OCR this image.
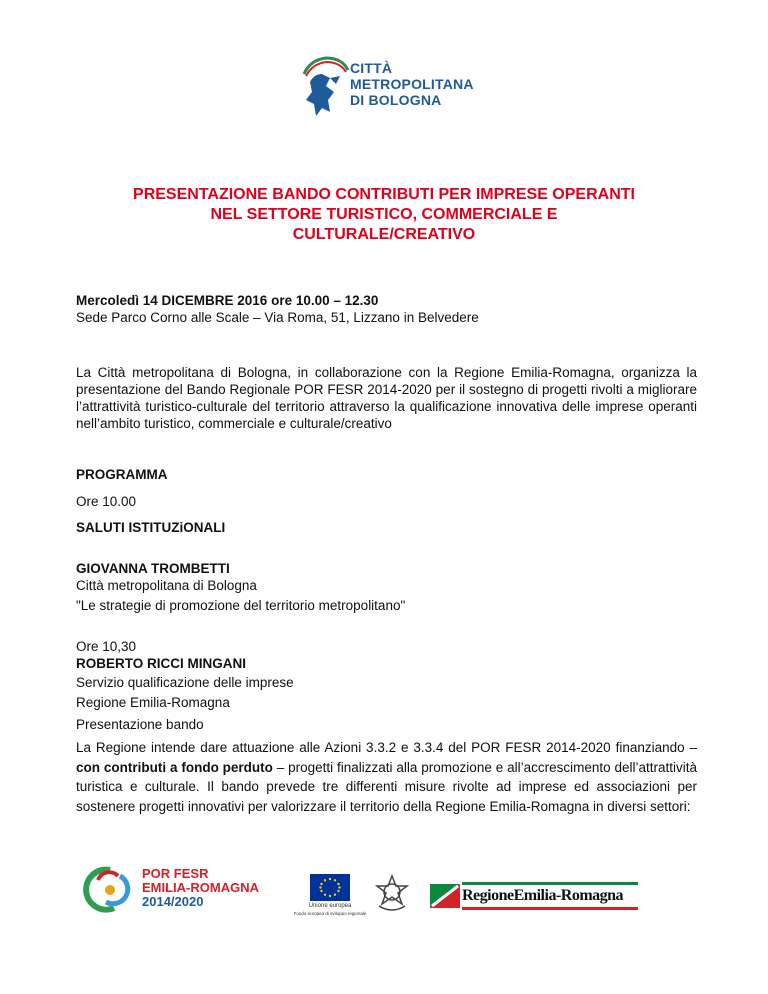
CITTÀ
METROPOLITANA
DI BOLOGNA
PRESENTAZIONE BANDO CONTRIBUTI PER IMPRESE OPERANTI
NEL SETTORE TURISTICO, COMMERCIALE E
CULTURALE/CREATIVO
Mercoledì 14 DICEMBRE 2016 ore 10.00 – 12.30
Sede Parco Corno alle Scale – Via Roma, 51, Lizzano in Belvedere
La Città metropolitana di Bologna, in collaborazione con la Regione Emilia-Romagna, organizza la presentazione del Bando Regionale POR FESR 2014-2020 per il sostegno di progetti rivolti a migliorare l’attrattività turistico-culturale del territorio attraverso la qualificazione innovativa delle imprese operanti nell’ambito turistico, commerciale e culturale/creativo
PROGRAMMA
Ore 10.00
SALUTI ISTITUZiONALI
GIOVANNA TROMBETTI
Città metropolitana di Bologna
"Le strategie di promozione del territorio metropolitano"
Ore 10,30
ROBERTO RICCI MINGANI
Servizio qualificazione delle imprese
Regione Emilia-Romagna
Presentazione bando
La Regione intende dare attuazione alle Azioni 3.3.2 e 3.3.4 del POR FESR 2014-2020 finanziando – con contributi a fondo perduto – progetti finalizzati alla promozione e all’accrescimento dell’attrattività turistica e culturale. Il bando prevede tre differenti misure rivolte ad imprese ed associazioni per sostenere progetti innovativi per valorizzare il territorio della Regione Emilia-Romagna in diversi settori:
POR FESR
EMILIA-ROMAGNA
2014/2020	Unione europea
Fondo europeo di sviluppo regionale
RegioneEmilia-Romagna
